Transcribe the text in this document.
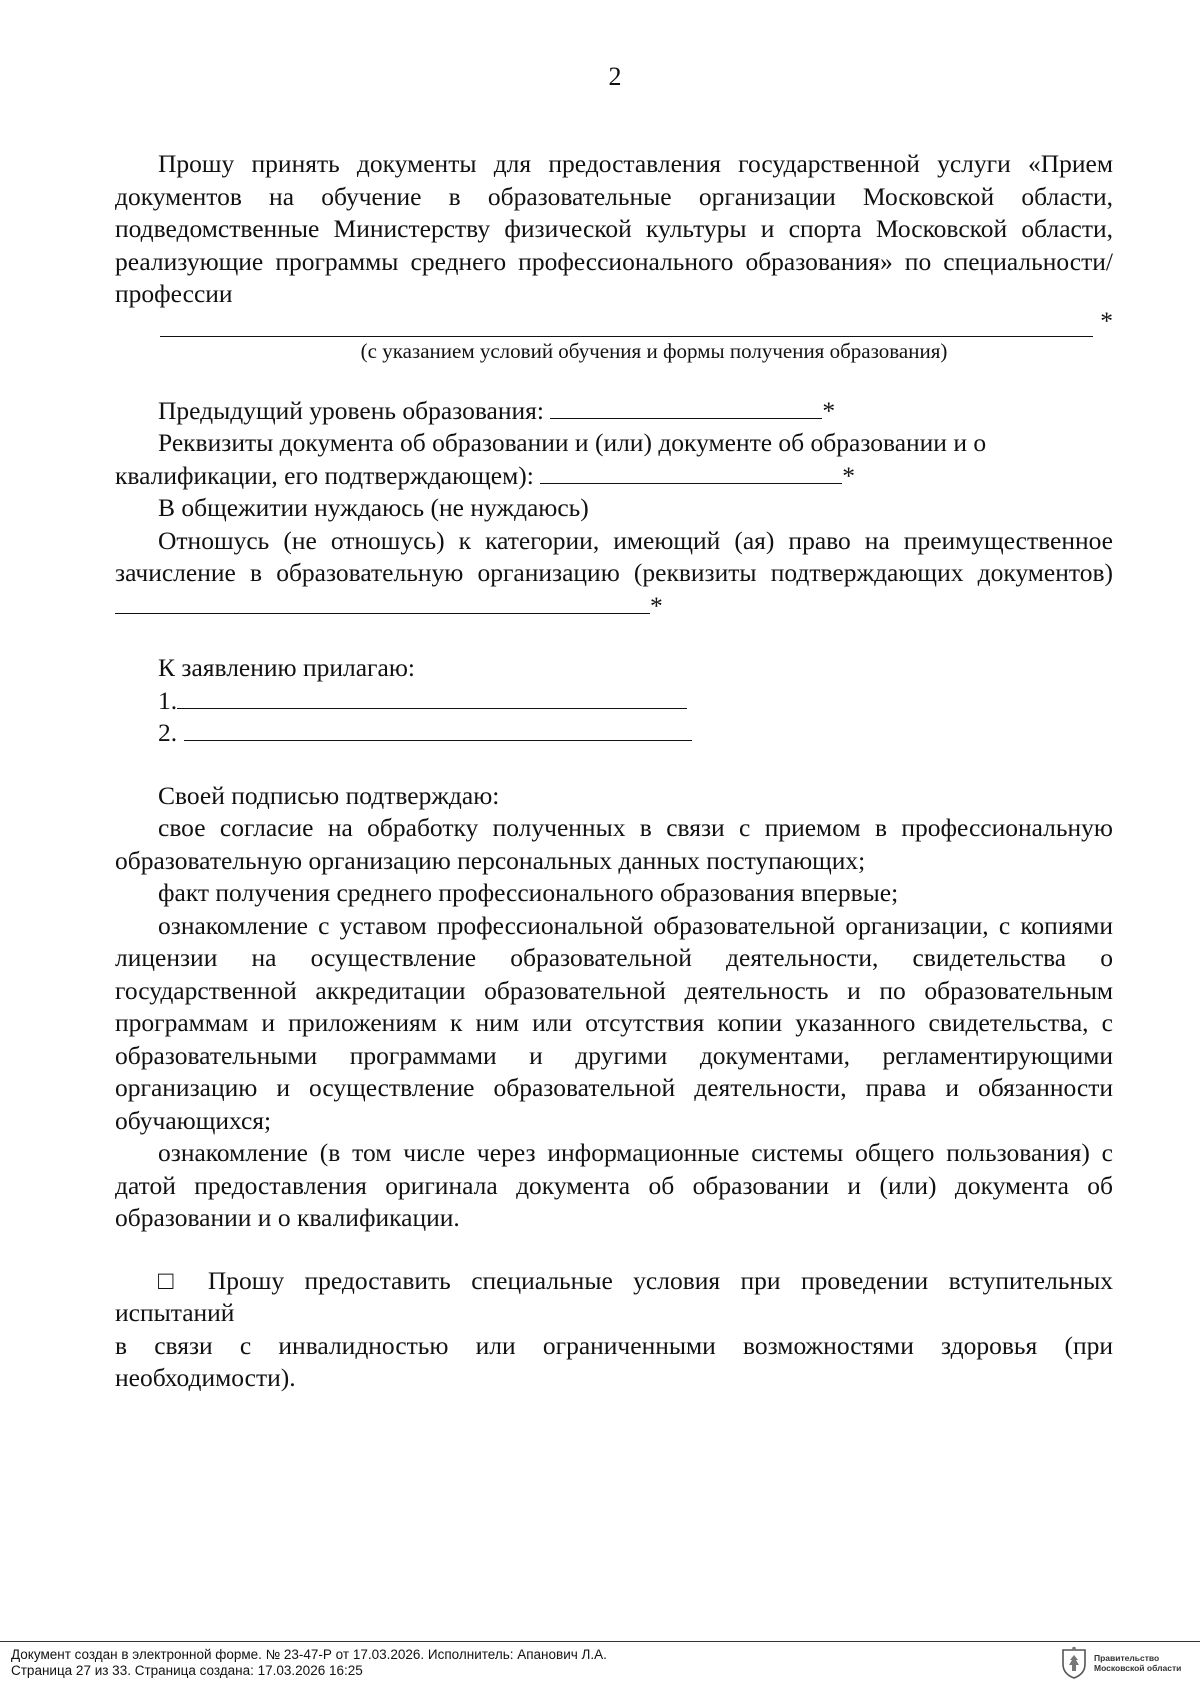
2

Прошу принять документы для предоставления государственной услуги «Прием документов на обучение в образовательные организации Московской области, подведомственные Министерству физической культуры и спорта Московской области, реализующие программы среднего профессионального образования» по специальности/профессии

*
(с указанием условий обучения и формы получения образования)

Предыдущий уровень образования:	*

Реквизиты документа об образовании и (или) документе об образовании и о квалификации, его подтверждающем):	*

В общежитии нуждаюсь (не нуждаюсь)

Отношусь (не отношусь) к категории, имеющий (ая) право на преимущественное зачисление в образовательную организацию (реквизиты подтверждающих документов) *

К заявлению прилагаю:

1.

2.

Своей подписью подтверждаю:

свое согласие на обработку полученных в связи с приемом в профессиональную образовательную организацию персональных данных поступающих;

факт получения среднего профессионального образования впервые;

ознакомление с уставом профессиональной образовательной организации, с копиями лицензии на осуществление образовательной деятельности, свидетельства о государственной аккредитации образовательной деятельность и по образовательным программам и приложениям к ним или отсутствия копии указанного свидетельства, с образовательными программами и другими документами, регламентирующими организацию и осуществление образовательной деятельности, права и обязанности обучающихся;

ознакомление (в том числе через информационные системы общего пользования) с датой предоставления оригинала документа об образовании и (или) документа об образовании и о квалификации.

□ Прошу предоставить специальные условия при проведении вступительных испытаний

в связи с инвалидностью или ограниченными возможностями здоровья (при необходимости).

Документ создан в электронной форме. № 23-47-Р от 17.03.2026. Исполнитель: Апанович Л.А.
Страница 27 из 33. Страница создана: 17.03.2026 16:25
Правительство
Московской области
